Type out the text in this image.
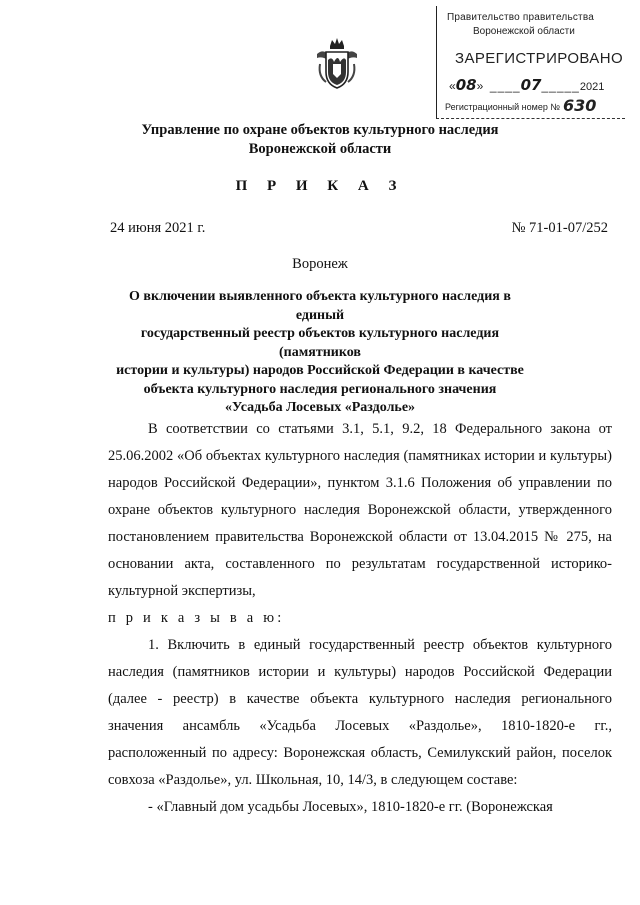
Правительство правительства
Воронежской области
ЗАРЕГИСТРИРОВАНО
«08»  ____07_____2021
Регистрационный номер № 630
Управление по охране объектов культурного наследия
Воронежской области
П Р И К А З
24 июня 2021 г.	№ 71-01-07/252
Воронеж
О включении выявленного объекта культурного наследия в единый
государственный реестр объектов культурного наследия (памятников
истории и культуры) народов Российской Федерации в качестве
объекта культурного наследия регионального значения
«Усадьба Лосевых «Раздолье»

В соответствии со статьями 3.1, 5.1, 9.2, 18 Федерального закона от 25.06.2002 «Об объектах культурного наследия (памятниках истории и культуры) народов Российской Федерации», пунктом 3.1.6 Положения об управлении по охране объектов культурного наследия Воронежской области, утвержденного постановлением правительства Воронежской области от 13.04.2015 № 275, на основании акта, составленного по результатам государственной историко-культурной экспертизы,

п р и к а з ы в а ю:

1. Включить в единый государственный реестр объектов культурного наследия (памятников истории и культуры) народов Российской Федерации (далее - реестр) в качестве объекта культурного наследия регионального значения ансамбль «Усадьба Лосевых «Раздолье», 1810-1820-е гг., расположенный по адресу: Воронежская область, Семилукский район, поселок совхоза «Раздолье», ул. Школьная, 10, 14/3, в следующем составе:

- «Главный дом усадьбы Лосевых», 1810-1820-е гг. (Воронежская
